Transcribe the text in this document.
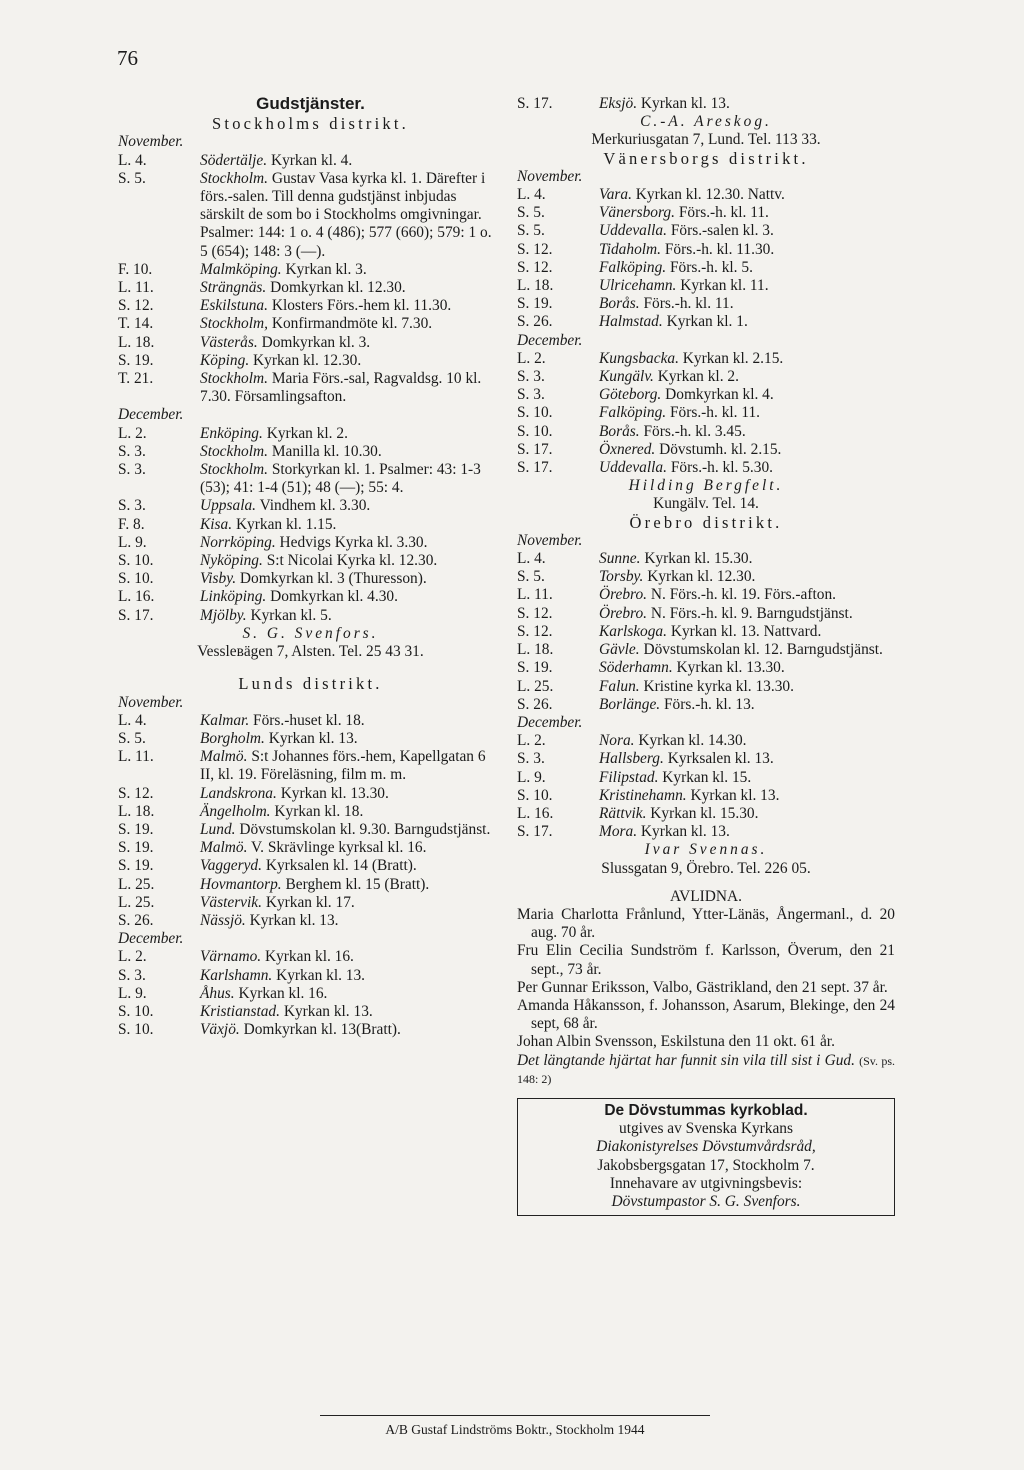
76
Gudstjänster.
Stockholms distrikt.
November.
L. 4.	Södertälje. Kyrkan kl. 4.
S. 5.	Stockholm. Gustav Vasa kyrka kl. 1. Därefter i förs.-salen. Till denna gudstjänst inbjudas särskilt de som bo i Stockholms omgivningar. Psalmer: 144: 1 o. 4 (486); 577 (660); 579: 1 o. 5 (654); 148: 3 (—).
F. 10.	Malmköping. Kyrkan kl. 3.
L. 11.	Strängnäs. Domkyrkan kl. 12.30.
S. 12.	Eskilstuna. Klosters Förs.-hem kl. 11.30.
T. 14.	Stockholm, Konfirmandmöte kl. 7.30.
L. 18.	Västerås. Domkyrkan kl. 3.
S. 19.	Köping. Kyrkan kl. 12.30.
T. 21.	Stockholm. Maria Förs.-sal, Ragvaldsg. 10 kl. 7.30. Församlingsafton.
December.
L. 2.	Enköping. Kyrkan kl. 2.
S. 3.	Stockholm. Manilla kl. 10.30.
S. 3.	Stockholm. Storkyrkan kl. 1. Psalmer: 43: 1-3 (53); 41: 1-4 (51); 48 (—); 55: 4.
S. 3.	Uppsala. Vindhem kl. 3.30.
F. 8.	Kisa. Kyrkan kl. 1.15.
L. 9.	Norrköping. Hedvigs Kyrka kl. 3.30.
S. 10.	Nyköping. S:t Nicolai Kyrka kl. 12.30.
S. 10.	Visby. Domkyrkan kl. 3 (Thuresson).
L. 16.	Linköping. Domkyrkan kl. 4.30.
S. 17.	Mjölby. Kyrkan kl. 5.
S. G. Svenfors.
Vessleвägen 7, Alsten. Tel. 25 43 31.
Lunds distrikt.
November.
L. 4.	Kalmar. Förs.-huset kl. 18.
S. 5.	Borgholm. Kyrkan kl. 13.
L. 11.	Malmö. S:t Johannes förs.-hem, Kapellgatan 6 II, kl. 19. Föreläsning, film m. m.
S. 12.	Landskrona. Kyrkan kl. 13.30.
L. 18.	Ängelholm. Kyrkan kl. 18.
S. 19.	Lund. Dövstumskolan kl. 9.30. Barngudstjänst.
S. 19.	Malmö. V. Skrävlinge kyrksal kl. 16.
S. 19.	Vaggeryd. Kyrksalen kl. 14 (Bratt).
L. 25.	Hovmantorp. Berghem kl. 15 (Bratt).
L. 25.	Västervik. Kyrkan kl. 17.
S. 26.	Nässjö. Kyrkan kl. 13.
December.
L. 2.	Värnamo. Kyrkan kl. 16.
S. 3.	Karlshamn. Kyrkan kl. 13.
L. 9.	Åhus. Kyrkan kl. 16.
S. 10.	Kristianstad. Kyrkan kl. 13.
S. 10.	Växjö. Domkyrkan kl. 13(Bratt).
S. 17.	Eksjö. Kyrkan kl. 13.
C.-A. Areskog.
Merkuriusgatan 7, Lund. Tel. 113 33.
Vänersborgs distrikt.
November.
L. 4.	Vara. Kyrkan kl. 12.30. Nattv.
S. 5.	Vänersborg. Förs.-h. kl. 11.
S. 5.	Uddevalla. Förs.-salen kl. 3.
S. 12.	Tidaholm. Förs.-h. kl. 11.30.
S. 12.	Falköping. Förs.-h. kl. 5.
L. 18.	Ulricehamn. Kyrkan kl. 11.
S. 19.	Borås. Förs.-h. kl. 11.
S. 26.	Halmstad. Kyrkan kl. 1.
December.
L. 2.	Kungsbacka. Kyrkan kl. 2.15.
S. 3.	Kungälv. Kyrkan kl. 2.
S. 3.	Göteborg. Domkyrkan kl. 4.
S. 10.	Falköping. Förs.-h. kl. 11.
S. 10.	Borås. Förs.-h. kl. 3.45.
S. 17.	Öxnered. Dövstumh. kl. 2.15.
S. 17.	Uddevalla. Förs.-h. kl. 5.30.
Hilding Bergfelt.
Kungälv. Tel. 14.
Örebro distrikt.
November.
L. 4.	Sunne. Kyrkan kl. 15.30.
S. 5.	Torsby. Kyrkan kl. 12.30.
L. 11.	Örebro. N. Förs.-h. kl. 19. Förs.-afton.
S. 12.	Örebro. N. Förs.-h. kl. 9. Barngudstjänst.
S. 12.	Karlskoga. Kyrkan kl. 13. Nattvard.
L. 18.	Gävle. Dövstumskolan kl. 12. Barngudstjänst.
S. 19.	Söderhamn. Kyrkan kl. 13.30.
L. 25.	Falun. Kristine kyrka kl. 13.30.
S. 26.	Borlänge. Förs.-h. kl. 13.
December.
L. 2.	Nora. Kyrkan kl. 14.30.
S. 3.	Hallsberg. Kyrksalen kl. 13.
L. 9.	Filipstad. Kyrkan kl. 15.
S. 10.	Kristinehamn. Kyrkan kl. 13.
L. 16.	Rättvik. Kyrkan kl. 15.30.
S. 17.	Mora. Kyrkan kl. 13.
Ivar Svennas.
Slussgatan 9, Örebro. Tel. 226 05.
AVLIDNA.
Maria Charlotta Frånlund, Ytter-Länäs, Ångermanl., d. 20 aug. 70 år.
Fru Elin Cecilia Sundström f. Karlsson, Överum, den 21 sept., 73 år.
Per Gunnar Eriksson, Valbo, Gästrikland, den 21 sept. 37 år.
Amanda Håkansson, f. Johansson, Asarum, Blekinge, den 24 sept, 68 år.
Johan Albin Svensson, Eskilstuna den 11 okt. 61 år.
Det längtande hjärtat har funnit sin vila till sist i Gud. (Sv. ps. 148: 2)
De Dövstummas kyrkoblad.
utgives av Svenska Kyrkans
Diakonistyrelses Dövstumvårdsråd,
Jakobsbergsgatan 17, Stockholm 7.
Innehavare av utgivningsbevis:
Dövstumpastor S. G. Svenfors.
A/B Gustaf Lindströms Boktr., Stockholm 1944
